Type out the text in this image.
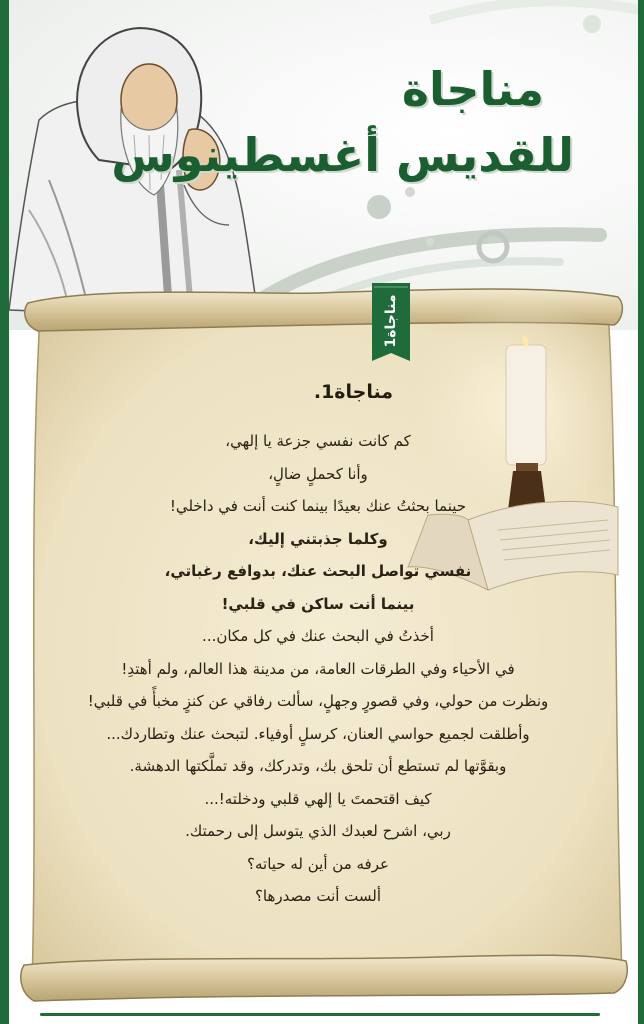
مناجاة
للقديس أغسطينوس
مناجاة1
مناجاة1.
كم كانت نفسي جزعة يا إلهي،
وأنا كحملٍ ضالٍ،
حينما بحثتُ عنك بعيدًا بينما كنت أنت في داخلي!
وكلما جذبتني إليك،
نفسي تواصل البحث عنك، بدوافع رغباتي،
بينما أنت ساكن في قلبي!
أخذتُ في البحث عنك في كل مكان...
في الأحياء وفي الطرقات العامة، من مدينة هذا العالم، ولم أهتدِ!
ونظرت من حولي، وفي قصورٍ وجهلٍ، سألت رفاقي عن كنزٍ مخبأً في قلبي!
وأطلقت لجميع حواسي العنان، كرسلٍ أوفياء. لتبحث عنك وتطاردك...
وبقوَّتها لم تستطع أن تلحق بك، وتدركك، وقد تملَّكتها الدهشة.
كيف اقتحمتَ يا إلهي قلبي ودخلته!...
ربي، اشرح لعبدك الذي يتوسل إلى رحمتك.
عرفه من أين له حياته؟
ألست أنت مصدرها؟
